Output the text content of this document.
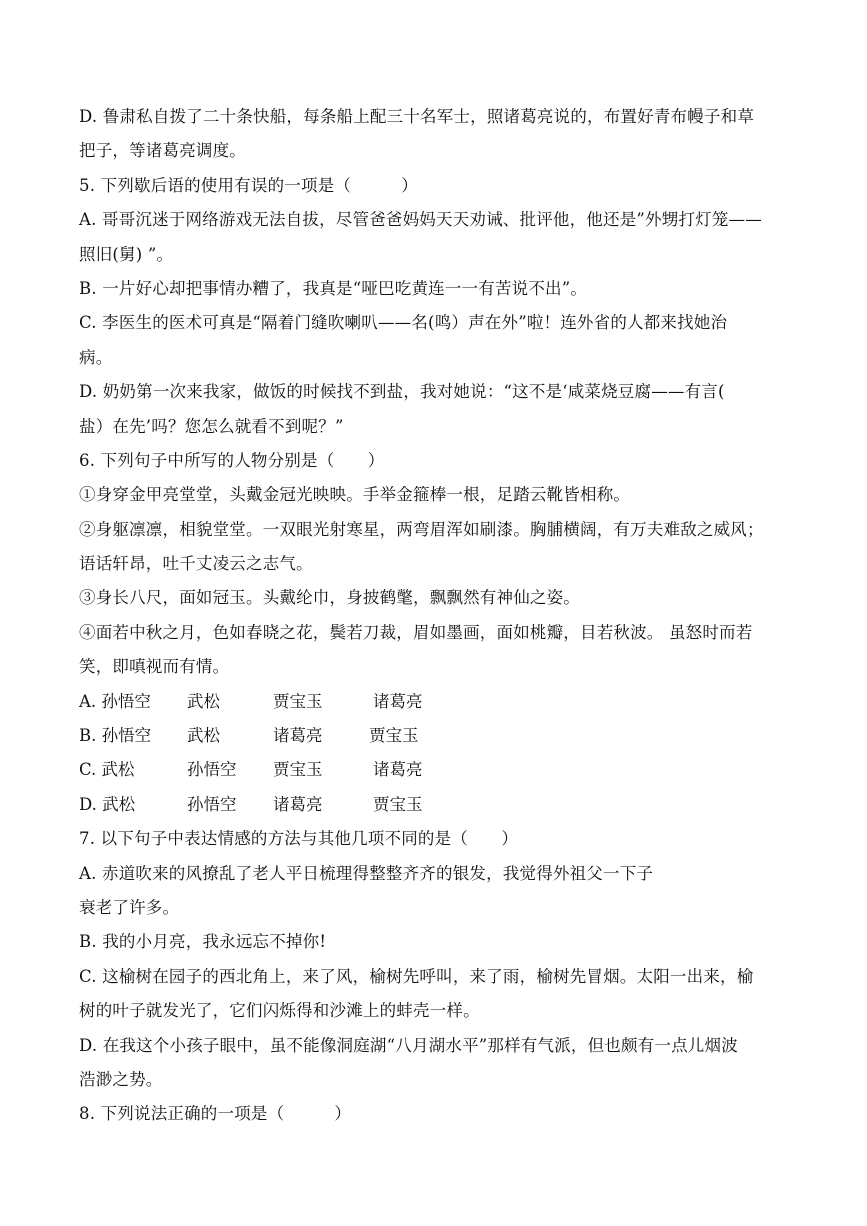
D. 鲁肃私自拨了二十条快船，每条船上配三十名军士，照诸葛亮说的，布置好青布幔子和草
把子，等诸葛亮调度。
5. 下列歇后语的使用有误的一项是（　　　）
A. 哥哥沉迷于网络游戏无法自拔，尽管爸爸妈妈天天劝诫、批评他，他还是”外甥打灯笼——
照旧(舅) ”。
B. 一片好心却把事情办糟了，我真是“哑巴吃黄连一一有苦说不出”。
C. 李医生的医术可真是“隔着门缝吹喇叭——名(鸣）声在外”啦！连外省的人都来找她治
病。
D. 奶奶第一次来我家，做饭的时候找不到盐，我对她说：“这不是‘咸菜烧豆腐——有言(
盐）在先’吗？您怎么就看不到呢？”
6. 下列句子中所写的人物分别是（　　）
①身穿金甲亮堂堂，头戴金冠光映映。手举金箍棒一根，足踏云靴皆相称。
②身躯凛凛，相貌堂堂。一双眼光射寒星，两弯眉浑如刷漆。胸脯横阔，有万夫难敌之威风；
语话轩昂，吐千丈凌云之志气。
③身长八尺，面如冠玉。头戴纶巾，身披鹤氅，飘飘然有神仙之姿。
④面若中秋之月，色如春晓之花，鬓若刀裁，眉如墨画，面如桃瓣，目若秋波。 虽怒时而若
笑，即嗔视而有情。
A. 孙悟空	武松	贾宝玉	诸葛亮
B. 孙悟空	武松	诸葛亮	贾宝玉
C. 武松	孙悟空	贾宝玉	诸葛亮
D. 武松	孙悟空	诸葛亮	贾宝玉
7. 以下句子中表达情感的方法与其他几项不同的是（　　）
A. 赤道吹来的风撩乱了老人平日梳理得整整齐齐的银发，我觉得外祖父一下子
衰老了许多。
B. 我的小月亮，我永远忘不掉你!
C. 这榆树在园子的西北角上，来了风，榆树先呼叫，来了雨，榆树先冒烟。太阳一出来，榆
树的叶子就发光了，它们闪烁得和沙滩上的蚌壳一样。
D. 在我这个小孩子眼中，虽不能像洞庭湖“八月湖水平”那样有气派，但也颇有一点儿烟波
浩渺之势。
8. 下列说法正确的一项是（　　　）
